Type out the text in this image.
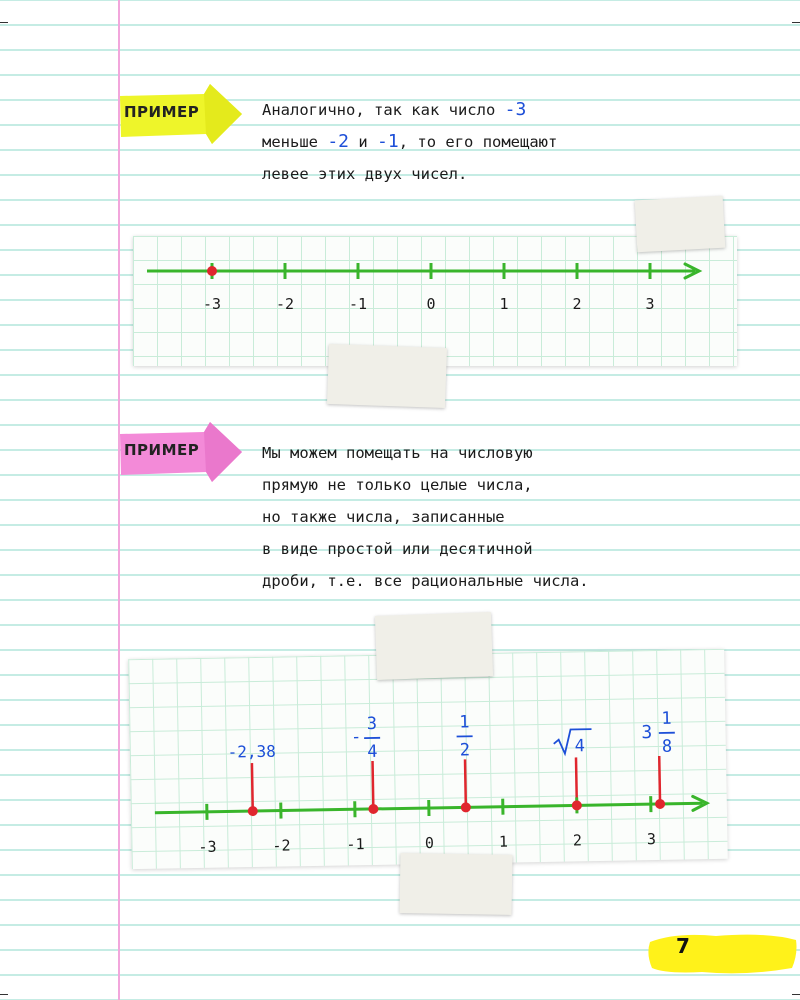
ПРИМЕР	Аналогично, так как число -3
меньше -2 и -1, то его помещают
левее этих двух чисел.
-3	-2	-1	0	1	2	3
ПРИМЕР	Мы можем помещать на числовую
прямую не только целые числа,
но также числа, записанные
в виде простой или десятичной
дроби, т.е. все рациональные числа.
-3	-2	-1	0	1	2	3
-2,38
-
3
4
1
2	4
3
1
8
7
